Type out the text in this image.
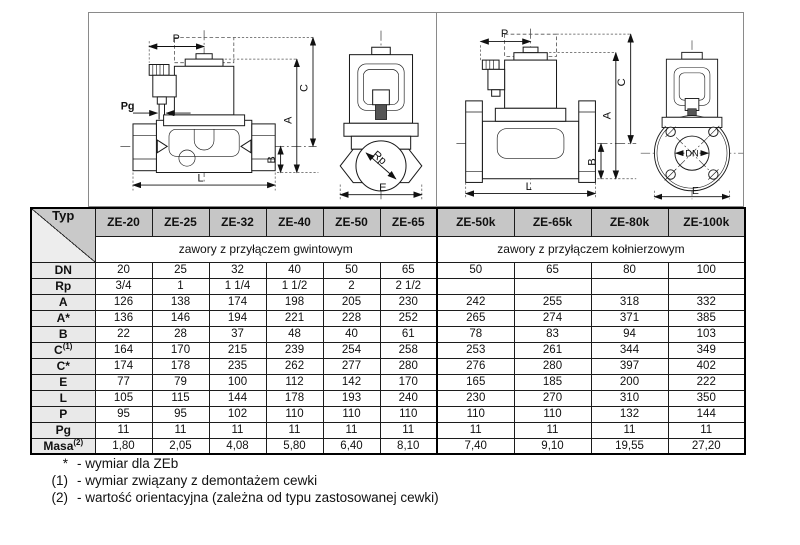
P
Pg
C
A
B
L
Rp
E
P
C
A
B
L
DN
E
Typ	ZE-20	ZE-25	ZE-32	ZE-40	ZE-50	ZE-65	ZE-50k	ZE-65k	ZE-80k	ZE-100k
	zawory z przyłączem gwintowym						zawory z przyłączem kołnierzowym			
DN	20	25	32	40	50	65	50	65	80	100
Rp	3/4	1	1 1/4	1 1/2	2	2 1/2				
A	126	138	174	198	205	230	242	255	318	332
A*	136	146	194	221	228	252	265	274	371	385
B	22	28	37	48	40	61	78	83	94	103
$C^{(1)}$	164	170	215	239	254	258	253	261	344	349
C*	174	178	235	262	277	280	276	280	397	402
E	77	79	100	112	142	170	165	185	200	222
L	105	115	144	178	193	240	230	270	310	350
P	95	95	102	110	110	110	110	110	132	144
Pg	11	11	11	11	11	11	11	11	11	11
Masa$^{(2)}$	1,80	2,05	4,08	5,80	6,40	8,10	7,40	9,10	19,55	27,20
* - wymiar dla ZEb
(1) - wymiar związany z demontażem cewki
(2) - wartość orientacyjna (zależna od typu zastosowanej cewki)
